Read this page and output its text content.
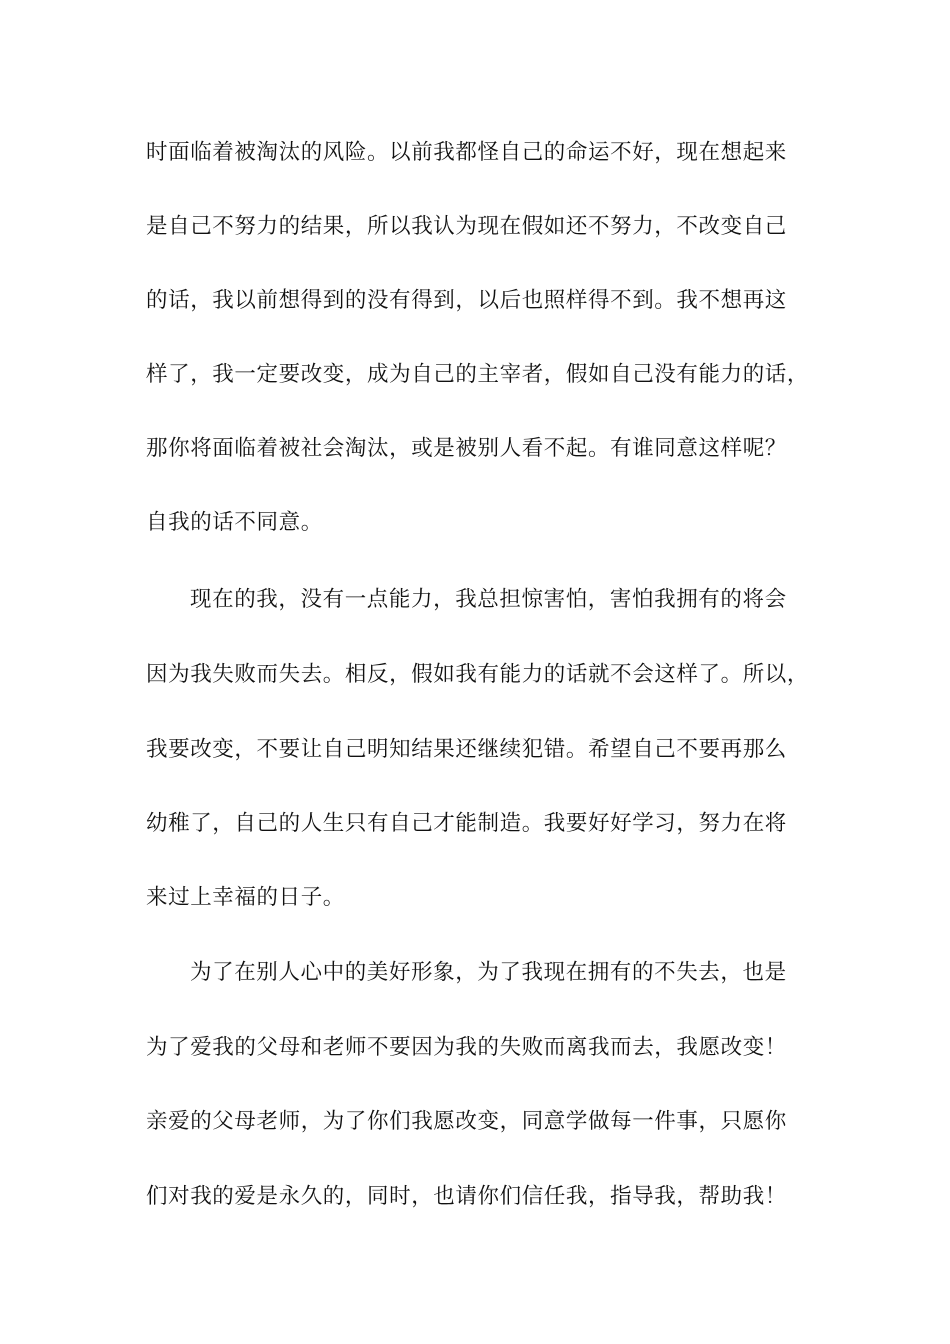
时面临着被淘汰的风险。以前我都怪自己的命运不好，现在想起来
是自己不努力的结果，所以我认为现在假如还不努力，不改变自己
的话，我以前想得到的没有得到，以后也照样得不到。我不想再这
样了，我一定要改变，成为自己的主宰者，假如自己没有能力的话，
那你将面临着被社会淘汰，或是被别人看不起。有谁同意这样呢？
自我的话不同意。
现在的我，没有一点能力，我总担惊害怕，害怕我拥有的将会
因为我失败而失去。相反，假如我有能力的话就不会这样了。所以，
我要改变，不要让自己明知结果还继续犯错。希望自己不要再那么
幼稚了，自己的人生只有自己才能制造。我要好好学习，努力在将
来过上幸福的日子。
为了在别人心中的美好形象，为了我现在拥有的不失去，也是
为了爱我的父母和老师不要因为我的失败而离我而去，我愿改变！
亲爱的父母老师，为了你们我愿改变，同意学做每一件事，只愿你
们对我的爱是永久的，同时，也请你们信任我，指导我，帮助我！
